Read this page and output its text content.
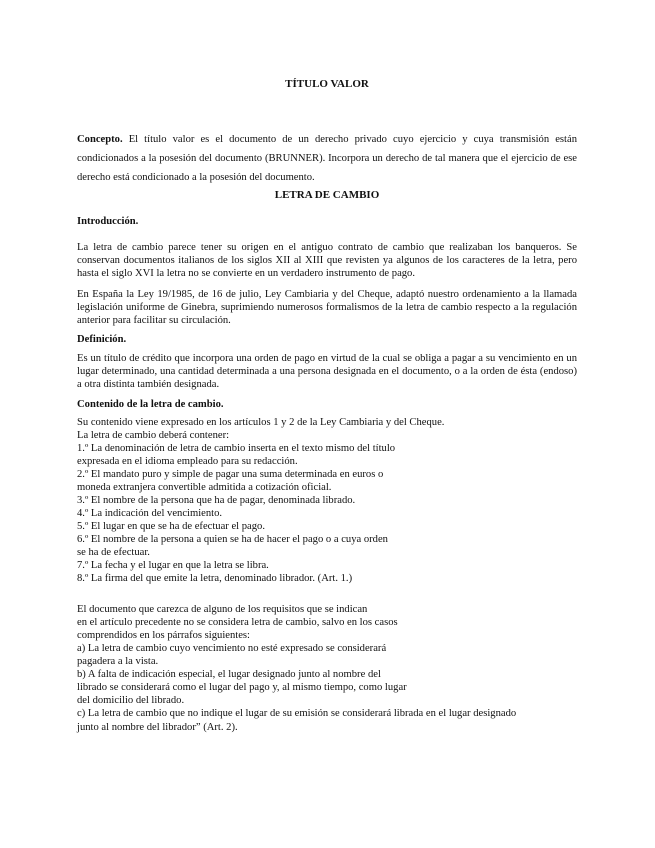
TÍTULO VALOR
Concepto. El título valor es el documento de un derecho privado cuyo ejercicio y cuya transmisión están condicionados a la posesión del documento (BRUNNER). Incorpora un derecho de tal manera que el ejercicio de ese derecho está condicionado a la posesión del documento.
LETRA DE CAMBIO
Introducción.
La letra de cambio parece tener su origen en el antiguo contrato de cambio que realizaban los banqueros. Se conservan documentos italianos de los siglos XII al XIII que revisten ya algunos de los caracteres de la letra, pero hasta el siglo XVI la letra no se convierte en un verdadero instrumento de pago.
En España la Ley 19/1985, de 16 de julio, Ley Cambiaria y del Cheque, adaptó nuestro ordenamiento a la llamada legislación uniforme de Ginebra, suprimiendo numerosos formalismos de la letra de cambio respecto a la regulación anterior para facilitar su circulación.
Definición.
Es un título de crédito que incorpora una orden de pago en virtud de la cual se obliga a pagar a su vencimiento en un lugar determinado, una cantidad determinada a una persona designada en el documento, o a la orden de ésta (endoso) a otra distinta también designada.
Contenido de la letra de cambio.
Su contenido viene expresado en los artículos 1 y 2 de la Ley Cambiaria y del Cheque.
La letra de cambio deberá contener:
1.º La denominación de letra de cambio inserta en el texto mismo del título
expresada en el idioma empleado para su redacción.
2.º El mandato puro y simple de pagar una suma determinada en euros o
moneda extranjera convertible admitida a cotización oficial.
3.º El nombre de la persona que ha de pagar, denominada librado.
4.º La indicación del vencimiento.
5.º El lugar en que se ha de efectuar el pago.
6.º El nombre de la persona a quien se ha de hacer el pago o a cuya orden
se ha de efectuar.
7.º La fecha y el lugar en que la letra se libra.
8.º La firma del que emite la letra, denominado librador. (Art. 1.)
El documento que carezca de alguno de los requisitos que se indican
en el artículo precedente no se considera letra de cambio, salvo en los casos
comprendidos en los párrafos siguientes:
a) La letra de cambio cuyo vencimiento no esté expresado se considerará
pagadera a la vista.
b) A falta de indicación especial, el lugar designado junto al nombre del
librado se considerará como el lugar del pago y, al mismo tiempo, como lugar
del domicilio del librado.
c) La letra de cambio que no indique el lugar de su emisión se considerará librada en el lugar designado
junto al nombre del librador” (Art. 2).
